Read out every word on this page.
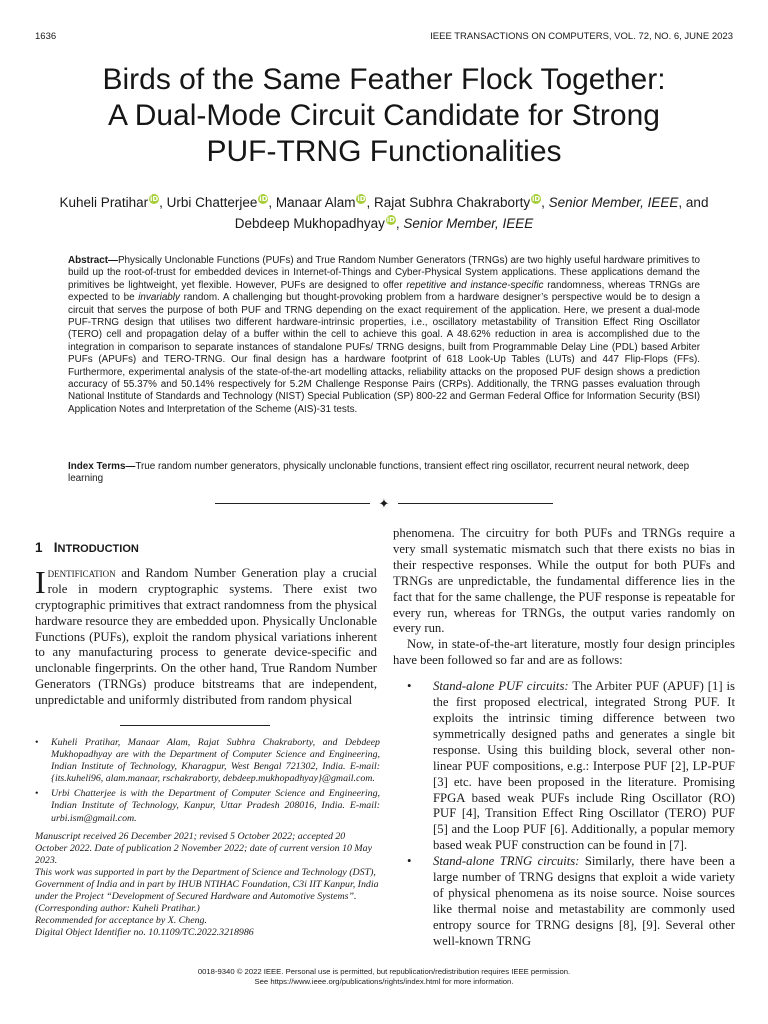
1636	IEEE TRANSACTIONS ON COMPUTERS, VOL. 72, NO. 6, JUNE 2023
Birds of the Same Feather Flock Together:
A Dual-Mode Circuit Candidate for Strong
PUF-TRNG Functionalities
Kuheli Pratihar iD, Urbi Chatterjee iD, Manaar Alam iD, Rajat Subhra Chakraborty iD, Senior Member, IEEE, and
Debdeep Mukhopadhyay iD, Senior Member, IEEE
Abstract—Physically Unclonable Functions (PUFs) and True Random Number Generators (TRNGs) are two highly useful hardware primitives to build up the root-of-trust for embedded devices in Internet-of-Things and Cyber-Physical System applications. These applications demand the primitives be lightweight, yet flexible. However, PUFs are designed to offer repetitive and instance-specific randomness, whereas TRNGs are expected to be invariably random. A challenging but thought-provoking problem from a hardware designer’s perspective would be to design a circuit that serves the purpose of both PUF and TRNG depending on the exact requirement of the application. Here, we present a dual-mode PUF-TRNG design that utilises two different hardware-intrinsic properties, i.e., oscillatory metastability of Transition Effect Ring Oscillator (TERO) cell and propagation delay of a buffer within the cell to achieve this goal. A 48.62% reduction in area is accomplished due to the integration in comparison to separate instances of standalone PUFs/ TRNG designs, built from Programmable Delay Line (PDL) based Arbiter PUFs (APUFs) and TERO-TRNG. Our final design has a hardware footprint of 618 Look-Up Tables (LUTs) and 447 Flip-Flops (FFs). Furthermore, experimental analysis of the state-of-the-art modelling attacks, reliability attacks on the proposed PUF design shows a prediction accuracy of 55.37% and 50.14% respectively for 5.2M Challenge Response Pairs (CRPs). Additionally, the TRNG passes evaluation through National Institute of Standards and Technology (NIST) Special Publication (SP) 800-22 and German Federal Office for Information Security (BSI) Application Notes and Interpretation of the Scheme (AIS)-31 tests.
Index Terms—True random number generators, physically unclonable functions, transient effect ring oscillator, recurrent neural network, deep learning
✦
1 INTRODUCTION

Identification and Random Number Generation play a crucial role in modern cryptographic systems. There exist two cryptographic primitives that extract randomness from the physical hardware resource they are embedded upon. Physically Unclonable Functions (PUFs), exploit the random physical variations inherent to any manufacturing process to generate device-specific and unclonable fingerprints. On the other hand, True Random Number Generators (TRNGs) produce bitstreams that are independent, unpredictable and uniformly distributed from random physical

• Kuheli Pratihar, Manaar Alam, Rajat Subhra Chakraborty, and Debdeep Mukhopadhyay are with the Department of Computer Science and Engineering, Indian Institute of Technology, Kharagpur, West Bengal 721302, India. E-mail: {its.kuheli96, alam.manaar, rschakraborty, debdeep.mukhopadhyay}@gmail.com.
• Urbi Chatterjee is with the Department of Computer Science and Engineering, Indian Institute of Technology, Kanpur, Uttar Pradesh 208016, India. E-mail: urbi.ism@gmail.com.

Manuscript received 26 December 2021; revised 5 October 2022; accepted 20 October 2022. Date of publication 2 November 2022; date of current version 10 May 2023.

This work was supported in part by the Department of Science and Technology (DST), Government of India and in part by IHUB NTIHAC Foundation, C3i IIT Kanpur, India under the Project “Development of Secured Hardware and Automotive Systems”.

(Corresponding author: Kuheli Pratihar.)

Recommended for acceptance by X. Cheng.

Digital Object Identifier no. 10.1109/TC.2022.3218986

phenomena. The circuitry for both PUFs and TRNGs require a very small systematic mismatch such that there exists no bias in their respective responses. While the output for both PUFs and TRNGs are unpredictable, the fundamental difference lies in the fact that for the same challenge, the PUF response is repeatable for every run, whereas for TRNGs, the output varies randomly on every run.

Now, in state-of-the-art literature, mostly four design principles have been followed so far and are as follows:

• Stand-alone PUF circuits: The Arbiter PUF (APUF) [1] is the first proposed electrical, integrated Strong PUF. It exploits the intrinsic timing difference between two symmetrically designed paths and generates a single bit response. Using this building block, several other non-linear PUF compositions, e.g.: Interpose PUF [2], LP-PUF [3] etc. have been proposed in the literature. Promising FPGA based weak PUFs include Ring Oscillator (RO) PUF [4], Transition Effect Ring Oscillator (TERO) PUF [5] and the Loop PUF [6]. Additionally, a popular memory based weak PUF construction can be found in [7].
• Stand-alone TRNG circuits: Similarly, there have been a large number of TRNG designs that exploit a wide variety of physical phenomena as its noise source. Noise sources like thermal noise and metastability are commonly used entropy source for TRNG designs [8], [9]. Several other well-known TRNG
0018-9340 © 2022 IEEE. Personal use is permitted, but republication/redistribution requires IEEE permission.
See ht‌tps://www.ieee.org/publications/rights/index.html for more information.
